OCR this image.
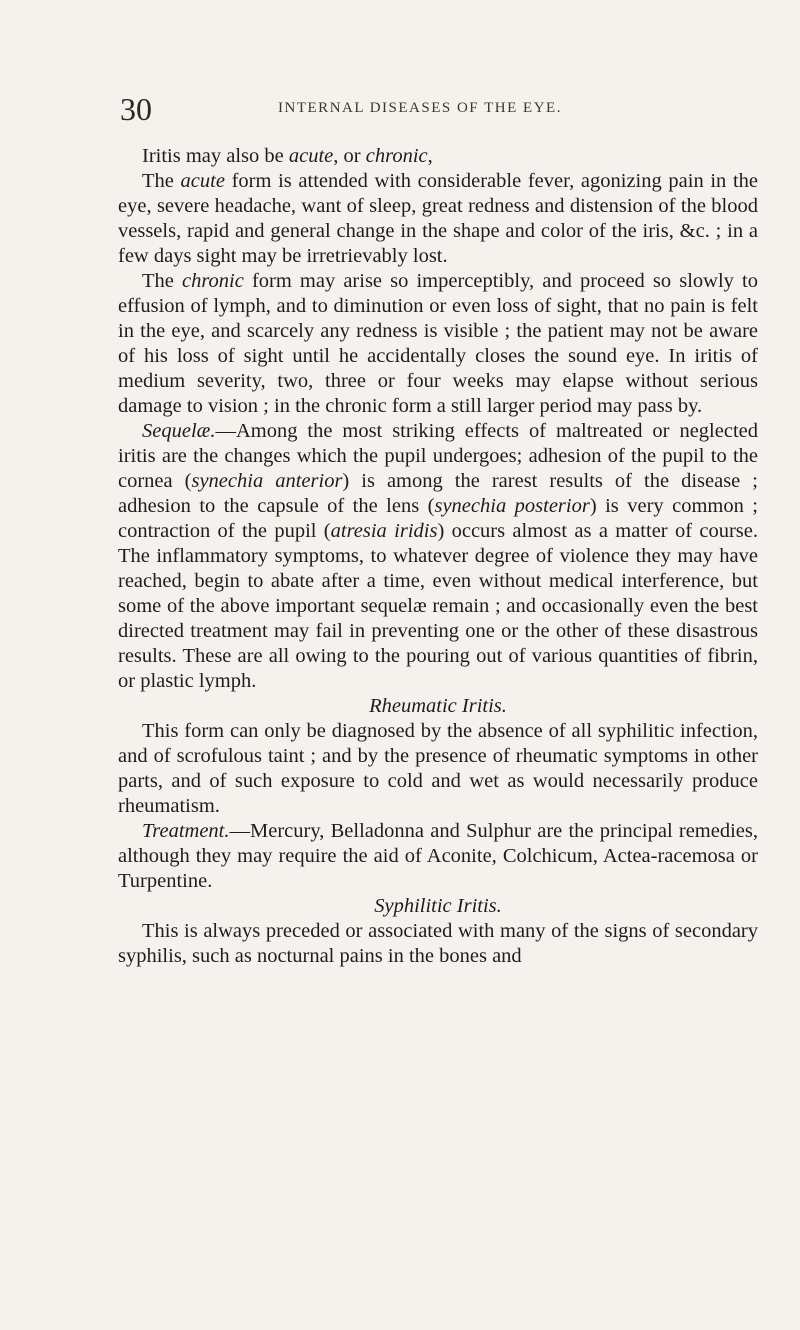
30	INTERNAL DISEASES OF THE EYE.

Iritis may also be acute, or chronic,

The acute form is attended with considerable fever, agonizing pain in the eye, severe headache, want of sleep, great redness and distension of the blood vessels, rapid and general change in the shape and color of the iris, &c. ; in a few days sight may be irretrievably lost.

The chronic form may arise so imperceptibly, and proceed so slowly to effusion of lymph, and to diminution or even loss of sight, that no pain is felt in the eye, and scarcely any redness is visible ; the patient may not be aware of his loss of sight until he accidentally closes the sound eye. In iritis of medium severity, two, three or four weeks may elapse without serious damage to vision ; in the chronic form a still larger period may pass by.

Sequelæ.—Among the most striking effects of maltreated or neglected iritis are the changes which the pupil undergoes; adhesion of the pupil to the cornea (synechia anterior) is among the rarest results of the disease ; adhesion to the capsule of the lens (synechia posterior) is very common ; contraction of the pupil (atresia iridis) occurs almost as a matter of course. The inflammatory symptoms, to whatever degree of violence they may have reached, begin to abate after a time, even without medical interference, but some of the above important sequelæ remain ; and occasionally even the best directed treatment may fail in preventing one or the other of these disastrous results. These are all owing to the pouring out of various quantities of fibrin, or plastic lymph.

Rheumatic Iritis.

This form can only be diagnosed by the absence of all syphilitic infection, and of scrofulous taint ; and by the presence of rheumatic symptoms in other parts, and of such exposure to cold and wet as would necessarily produce rheumatism.

Treatment.—Mercury, Belladonna and Sulphur are the principal remedies, although they may require the aid of Aconite, Colchicum, Actea-racemosa or Turpentine.

Syphilitic Iritis.

This is always preceded or associated with many of the signs of secondary syphilis, such as nocturnal pains in the bones and
